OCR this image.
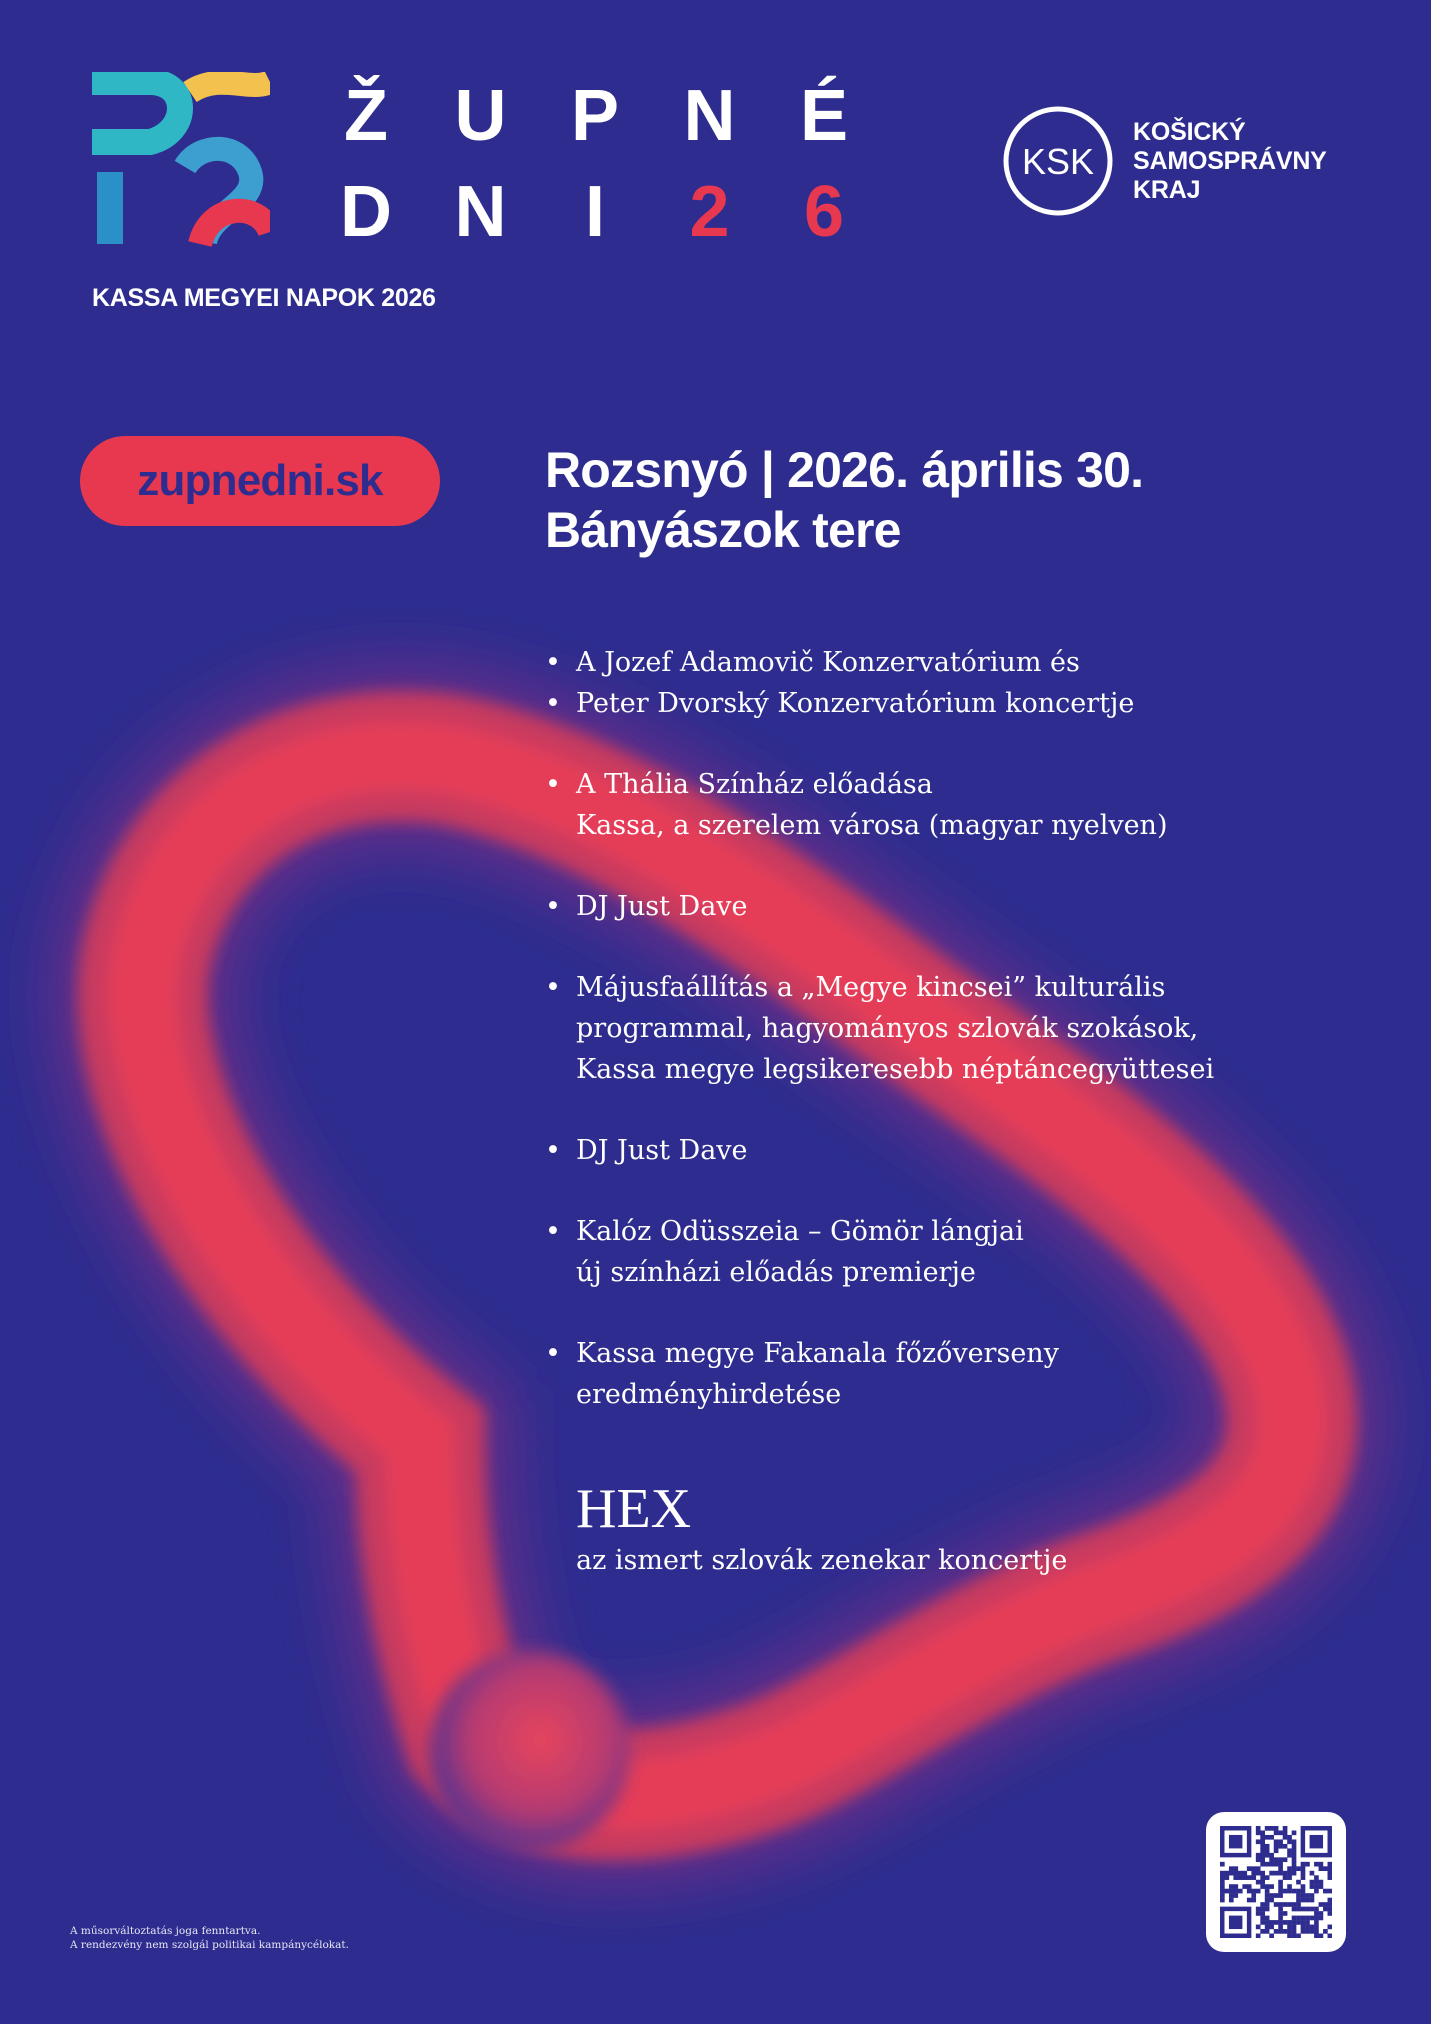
Ž U P N É
D N I 2 6
KASSA MEGYEI NAPOK 2026
KSK
KOŠICKÝ
SAMOSPRÁVNY
KRAJ
zupnedni.sk	Rozsnyó | 2026. április 30.
Bányászok tere
• A Jozef Adamovič Konzervatórium és
• Peter Dvorský Konzervatórium koncertje
• A Thália Színház előadása
Kassa, a szerelem városa (magyar nyelven)
• DJ Just Dave
• Májusfaállítás a „Megye kincsei” kulturális
programmal, hagyományos szlovák szokások,
Kassa megye legsikeresebb néptáncegyüttesei
• DJ Just Dave
• Kalóz Odüsszeia – Gömör lángjai
új színházi előadás premierje
• Kassa megye Fakanala főzőverseny
eredményhirdetése
HEX
az ismert szlovák zenekar koncertje
A műsorváltoztatás joga fenntartva.
A rendezvény nem szolgál politikai kampánycélokat.
